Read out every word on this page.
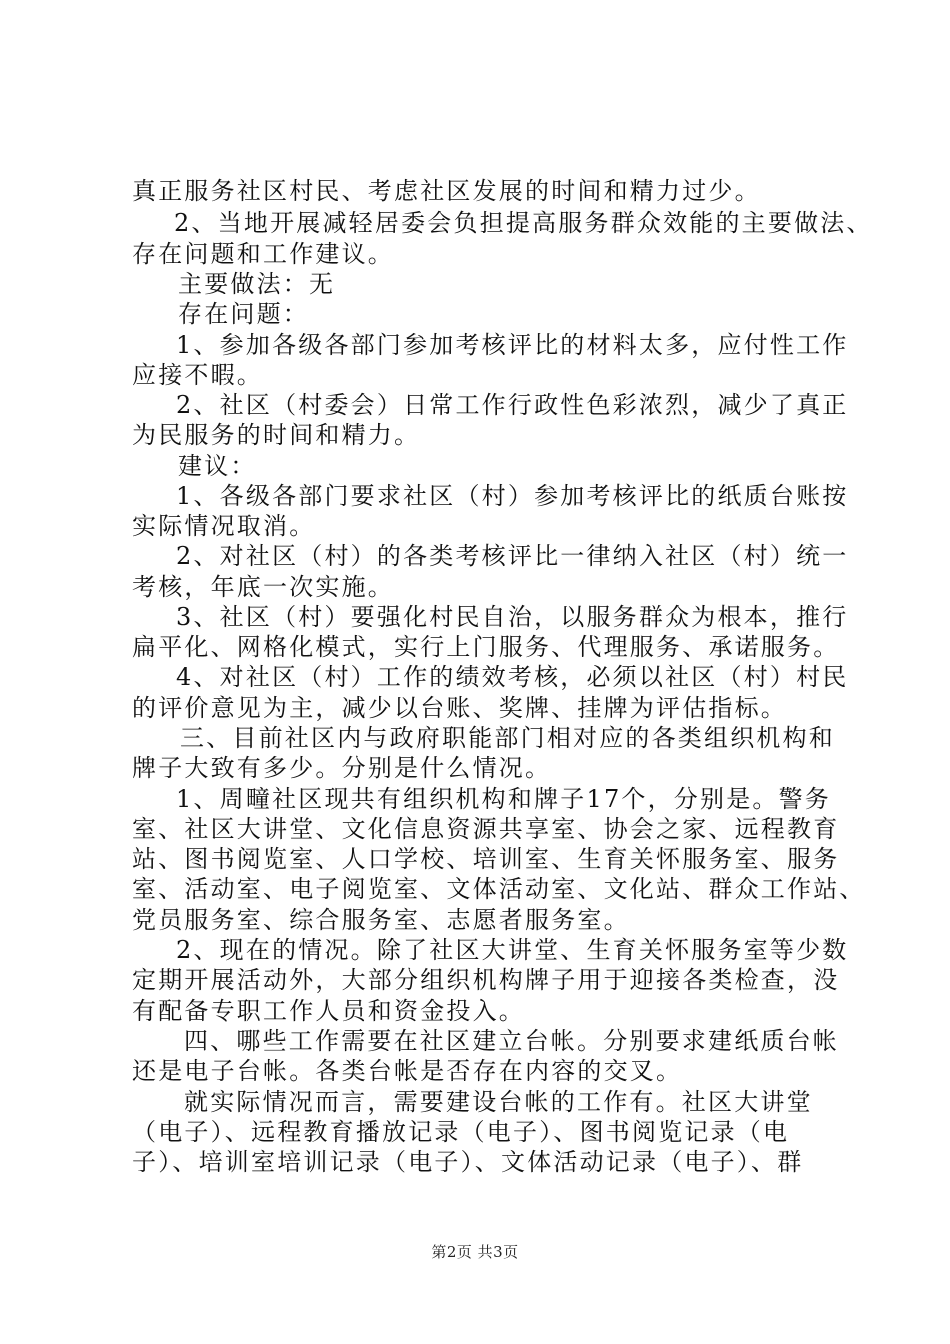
真正服务社区村民、考虑社区发展的时间和精力过少。
2、当地开展减轻居委会负担提高服务群众效能的主要做法、
存在问题和工作建议。
主要做法：无
存在问题：
1、参加各级各部门参加考核评比的材料太多，应付性工作
应接不暇。
2、社区（村委会）日常工作行政性色彩浓烈，减少了真正
为民服务的时间和精力。
建议：
1、各级各部门要求社区（村）参加考核评比的纸质台账按
实际情况取消。
2、对社区（村）的各类考核评比一律纳入社区（村）统一
考核，年底一次实施。
3、社区（村）要强化村民自治，以服务群众为根本，推行
扁平化、网格化模式，实行上门服务、代理服务、承诺服务。
4、对社区（村）工作的绩效考核，必须以社区（村）村民
的评价意见为主，减少以台账、奖牌、挂牌为评估指标。
三、目前社区内与政府职能部门相对应的各类组织机构和
牌子大致有多少。分别是什么情况。
1、周疃社区现共有组织机构和牌子17个，分别是。警务
室、社区大讲堂、文化信息资源共享室、协会之家、远程教育
站、图书阅览室、人口学校、培训室、生育关怀服务室、服务
室、活动室、电子阅览室、文体活动室、文化站、群众工作站、
党员服务室、综合服务室、志愿者服务室。
2、现在的情况。除了社区大讲堂、生育关怀服务室等少数
定期开展活动外，大部分组织机构牌子用于迎接各类检查，没
有配备专职工作人员和资金投入。
四、哪些工作需要在社区建立台帐。分别要求建纸质台帐
还是电子台帐。各类台帐是否存在内容的交叉。
就实际情况而言，需要建设台帐的工作有。社区大讲堂
（电子）、远程教育播放记录（电子）、图书阅览记录（电
子）、培训室培训记录（电子）、文体活动记录（电子）、群
第2页 共3页
